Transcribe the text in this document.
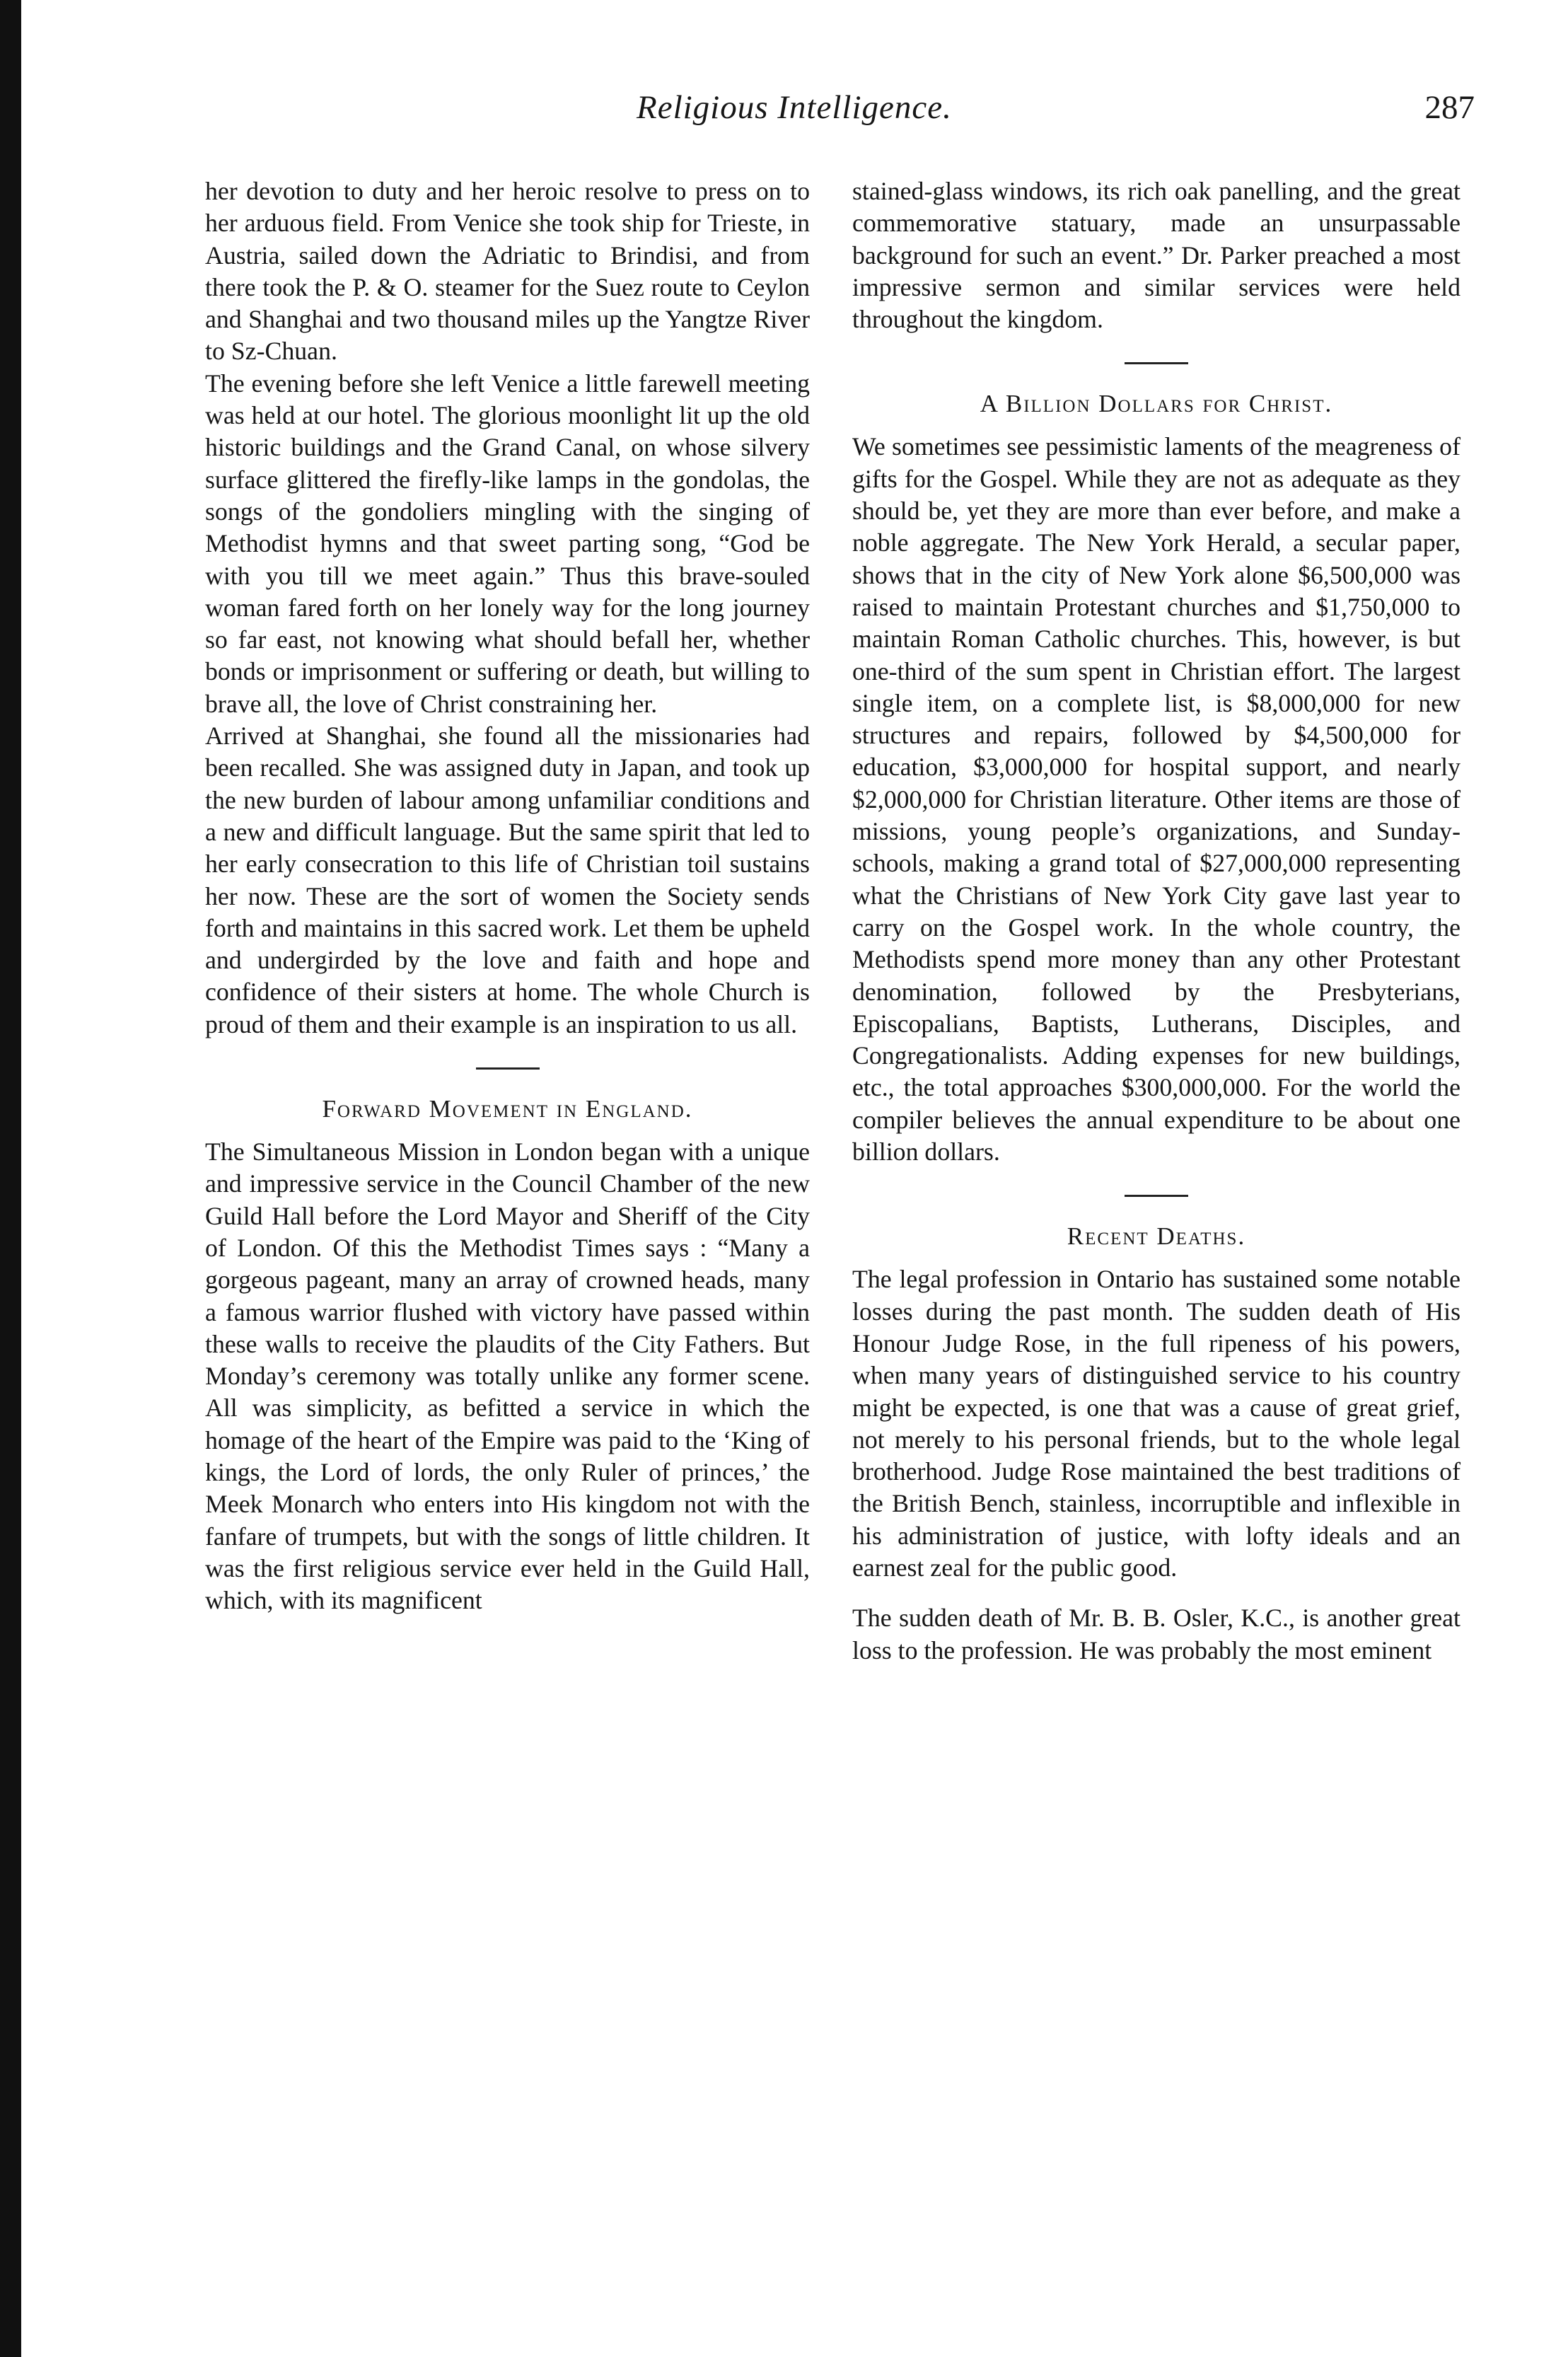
Religious Intelligence.	287

her devotion to duty and her heroic resolve to press on to her arduous field. From Venice she took ship for Trieste, in Austria, sailed down the Adriatic to Brindisi, and from there took the P. & O. steamer for the Suez route to Ceylon and Shanghai and two thousand miles up the Yangtze River to Sz-Chuan.

The evening before she left Venice a little farewell meeting was held at our hotel. The glorious moonlight lit up the old historic buildings and the Grand Canal, on whose silvery surface glittered the firefly-like lamps in the gondolas, the songs of the gondoliers mingling with the singing of Methodist hymns and that sweet parting song, “God be with you till we meet again.” Thus this brave-souled woman fared forth on her lonely way for the long journey so far east, not knowing what should befall her, whether bonds or imprisonment or suffering or death, but willing to brave all, the love of Christ constraining her.

Arrived at Shanghai, she found all the missionaries had been recalled. She was assigned duty in Japan, and took up the new burden of labour among unfamiliar conditions and a new and difficult language. But the same spirit that led to her early consecration to this life of Christian toil sustains her now. These are the sort of women the Society sends forth and maintains in this sacred work. Let them be upheld and undergirded by the love and faith and hope and confidence of their sisters at home. The whole Church is proud of them and their example is an inspiration to us all.

Forward Movement in England.

The Simultaneous Mission in London began with a unique and impressive service in the Council Chamber of the new Guild Hall before the Lord Mayor and Sheriff of the City of London. Of this the Methodist Times says : “Many a gorgeous pageant, many an array of crowned heads, many a famous warrior flushed with victory have passed within these walls to receive the plaudits of the City Fathers. But Monday’s ceremony was totally unlike any former scene. All was simplicity, as befitted a service in which the homage of the heart of the Empire was paid to the ‘King of kings, the Lord of lords, the only Ruler of princes,’ the Meek Monarch who enters into His kingdom not with the fanfare of trumpets, but with the songs of little children. It was the first religious service ever held in the Guild Hall, which, with its magnificent

stained-glass windows, its rich oak panelling, and the great commemorative statuary, made an unsurpassable background for such an event.” Dr. Parker preached a most impressive sermon and similar services were held throughout the kingdom.

A Billion Dollars for Christ.

We sometimes see pessimistic laments of the meagreness of gifts for the Gospel. While they are not as adequate as they should be, yet they are more than ever before, and make a noble aggregate. The New York Herald, a secular paper, shows that in the city of New York alone $6,500,000 was raised to maintain Protestant churches and $1,750,000 to maintain Roman Catholic churches. This, however, is but one-third of the sum spent in Christian effort. The largest single item, on a complete list, is $8,000,000 for new structures and repairs, followed by $4,500,000 for education, $3,000,000 for hospital support, and nearly $2,000,000 for Christian literature. Other items are those of missions, young people’s organizations, and Sunday-schools, making a grand total of $27,000,000 representing what the Christians of New York City gave last year to carry on the Gospel work. In the whole country, the Methodists spend more money than any other Protestant denomination, followed by the Presbyterians, Episcopalians, Baptists, Lutherans, Disciples, and Congregationalists. Adding expenses for new buildings, etc., the total approaches $300,000,000. For the world the compiler believes the annual expenditure to be about one billion dollars.

Recent Deaths.

The legal profession in Ontario has sustained some notable losses during the past month. The sudden death of His Honour Judge Rose, in the full ripeness of his powers, when many years of distinguished service to his country might be expected, is one that was a cause of great grief, not merely to his personal friends, but to the whole legal brotherhood. Judge Rose maintained the best traditions of the British Bench, stainless, incorruptible and inflexible in his administration of justice, with lofty ideals and an earnest zeal for the public good.

The sudden death of Mr. B. B. Osler, K.C., is another great loss to the profession. He was probably the most eminent
